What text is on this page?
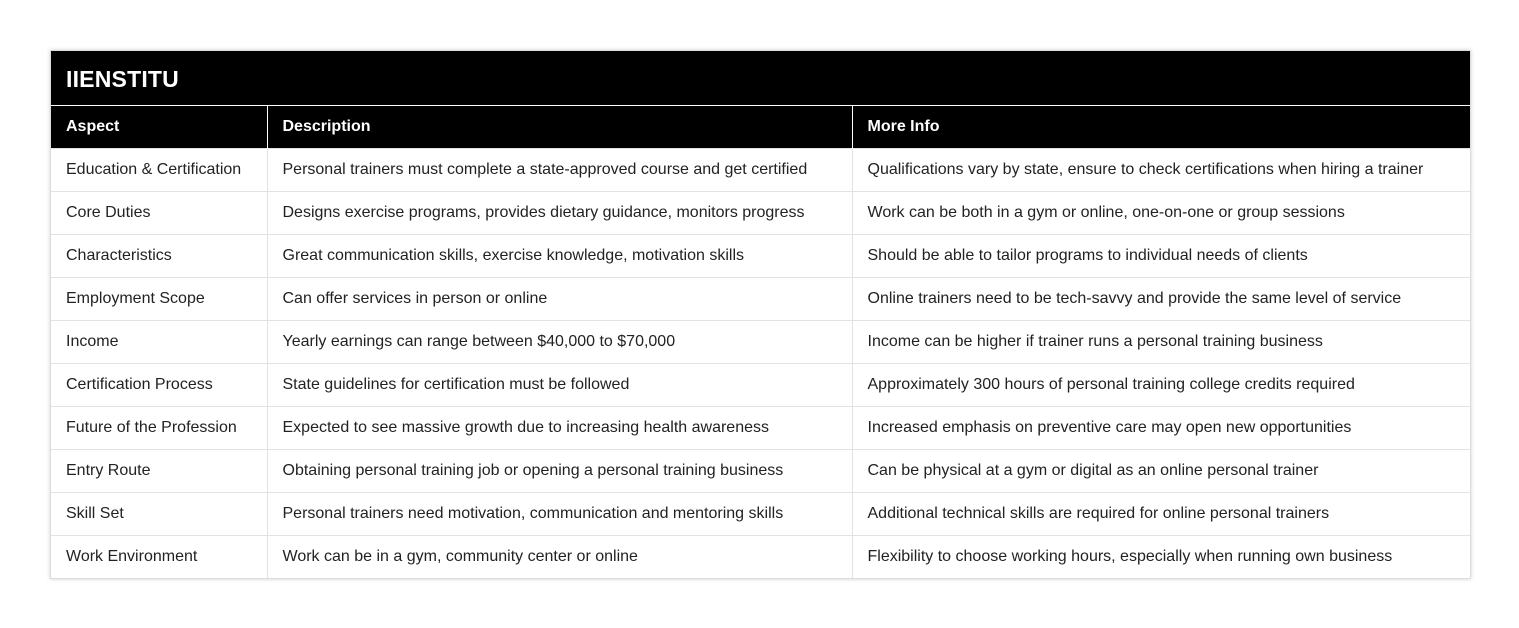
IIENSTITU
Aspect	Description	More Info
Education & Certification	Personal trainers must complete a state-approved course and get certified	Qualifications vary by state, ensure to check certifications when hiring a trainer
Core Duties	Designs exercise programs, provides dietary guidance, monitors progress	Work can be both in a gym or online, one-on-one or group sessions
Characteristics	Great communication skills, exercise knowledge, motivation skills	Should be able to tailor programs to individual needs of clients
Employment Scope	Can offer services in person or online	Online trainers need to be tech-savvy and provide the same level of service
Income	Yearly earnings can range between $40,000 to $70,000	Income can be higher if trainer runs a personal training business
Certification Process	State guidelines for certification must be followed	Approximately 300 hours of personal training college credits required
Future of the Profession	Expected to see massive growth due to increasing health awareness	Increased emphasis on preventive care may open new opportunities
Entry Route	Obtaining personal training job or opening a personal training business	Can be physical at a gym or digital as an online personal trainer
Skill Set	Personal trainers need motivation, communication and mentoring skills	Additional technical skills are required for online personal trainers
Work Environment	Work can be in a gym, community center or online	Flexibility to choose working hours, especially when running own business
